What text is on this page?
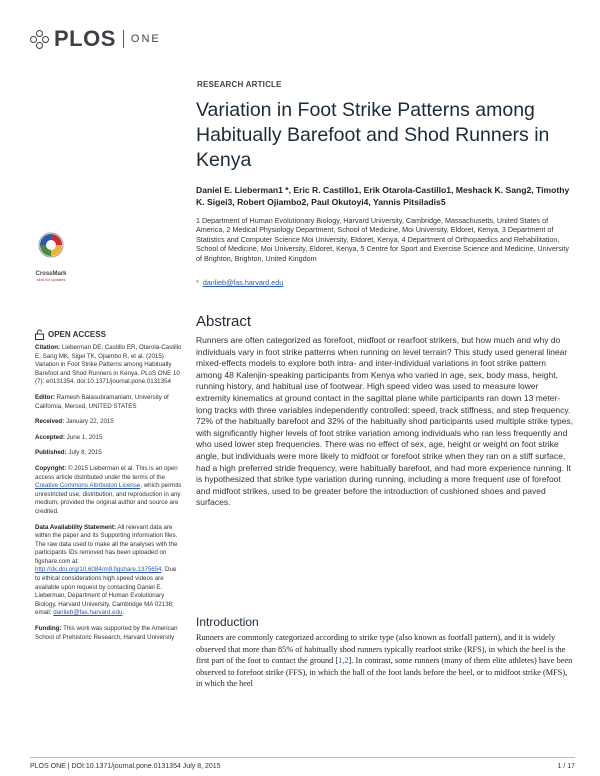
PLOS ONE
RESEARCH ARTICLE
Variation in Foot Strike Patterns among Habitually Barefoot and Shod Runners in Kenya
Daniel E. Lieberman1 *, Eric R. Castillo1, Erik Otarola-Castillo1, Meshack K. Sang2, Timothy K. Sigei3, Robert Ojiambo2, Paul Okutoyi4, Yannis Pitsiladis5
1 Department of Human Evolutionary Biology, Harvard University, Cambridge, Massachusetts, United States of America, 2 Medical Physiology Department, School of Medicine, Moi University, Eldoret, Kenya, 3 Department of Statistics and Computer Science Moi University, Eldoret, Kenya, 4 Department of Orthopaedics and Rehabilitation, School of Medicine, Moi University, Eldoret, Kenya, 5 Centre for Sport and Exercise Science and Medicine, University of Brighton, Brighton, United Kingdom
* danlieb@fas.harvard.edu
CrossMark
click for updates
OPEN ACCESS

Citation: Lieberman DE, Castillo ER, Otarola-Castillo E, Sang MK, Sigei TK, Ojiambo R, et al. (2015) Variation in Foot Strike Patterns among Habitually Barefoot and Shod Runners in Kenya. PLoS ONE 10 (7): e0131354. doi:10.1371/journal.pone.0131354

Editor: Ramesh Balasubramaniam, University of California, Merced, UNITED STATES

Received: January 22, 2015

Accepted: June 1, 2015

Published: July 8, 2015

Copyright: © 2015 Lieberman et al. This is an open access article distributed under the terms of the Creative Commons Attribution License, which permits unrestricted use, distribution, and reproduction in any medium, provided the original author and source are credited.

Data Availability Statement: All relevant data are within the paper and its Supporting Information files. The raw data used to make all the analyses with the participants IDs removed has been uploaded on figshare.com at: http://dx.doi.org/10.6084/m9.figshare.1375654. Due to ethical considerations high speed videos are available upon request by contacting Daniel E. Lieberman, Department of Human Evolutionary Biology, Harvard University, Cambridge MA 02138; email: danlieb@fas.harvard.edu.

Funding: This work was supported by the American School of Prehistoric Research, Harvard University

Abstract
Runners are often categorized as forefoot, midfoot or rearfoot strikers, but how much and why do individuals vary in foot strike patterns when running on level terrain? This study used general linear mixed-effects models to explore both intra- and inter-individual variations in foot strike pattern among 48 Kalenjin-speaking participants from Kenya who varied in age, sex, body mass, height, running history, and habitual use of footwear. High speed video was used to measure lower extremity kinematics at ground contact in the sagittal plane while participants ran down 13 meter-long tracks with three variables independently controlled: speed, track stiffness, and step frequency. 72% of the habitually barefoot and 32% of the habitually shod participants used multiple strike types, with significantly higher levels of foot strike variation among individuals who ran less frequently and who used lower step frequencies. There was no effect of sex, age, height or weight on foot strike angle, but individuals were more likely to midfoot or forefoot strike when they ran on a stiff surface, had a high preferred stride frequency, were habitually barefoot, and had more experience running. It is hypothesized that strike type variation during running, including a more frequent use of forefoot and midfoot strikes, used to be greater before the introduction of cushioned shoes and paved surfaces.
Introduction
Runners are commonly categorized according to strike type (also known as footfall pattern), and it is widely observed that more than 85% of habitually shod runners typically rearfoot strike (RFS), in which the heel is the first part of the foot to contact the ground [1,2]. In contrast, some runners (many of them elite athletes) have been observed to forefoot strike (FFS), in which the ball of the foot lands before the heel, or to midfoot strike (MFS), in which the heel
PLOS ONE | DOI:10.1371/journal.pone.0131354 July 8, 2015	1 / 17
